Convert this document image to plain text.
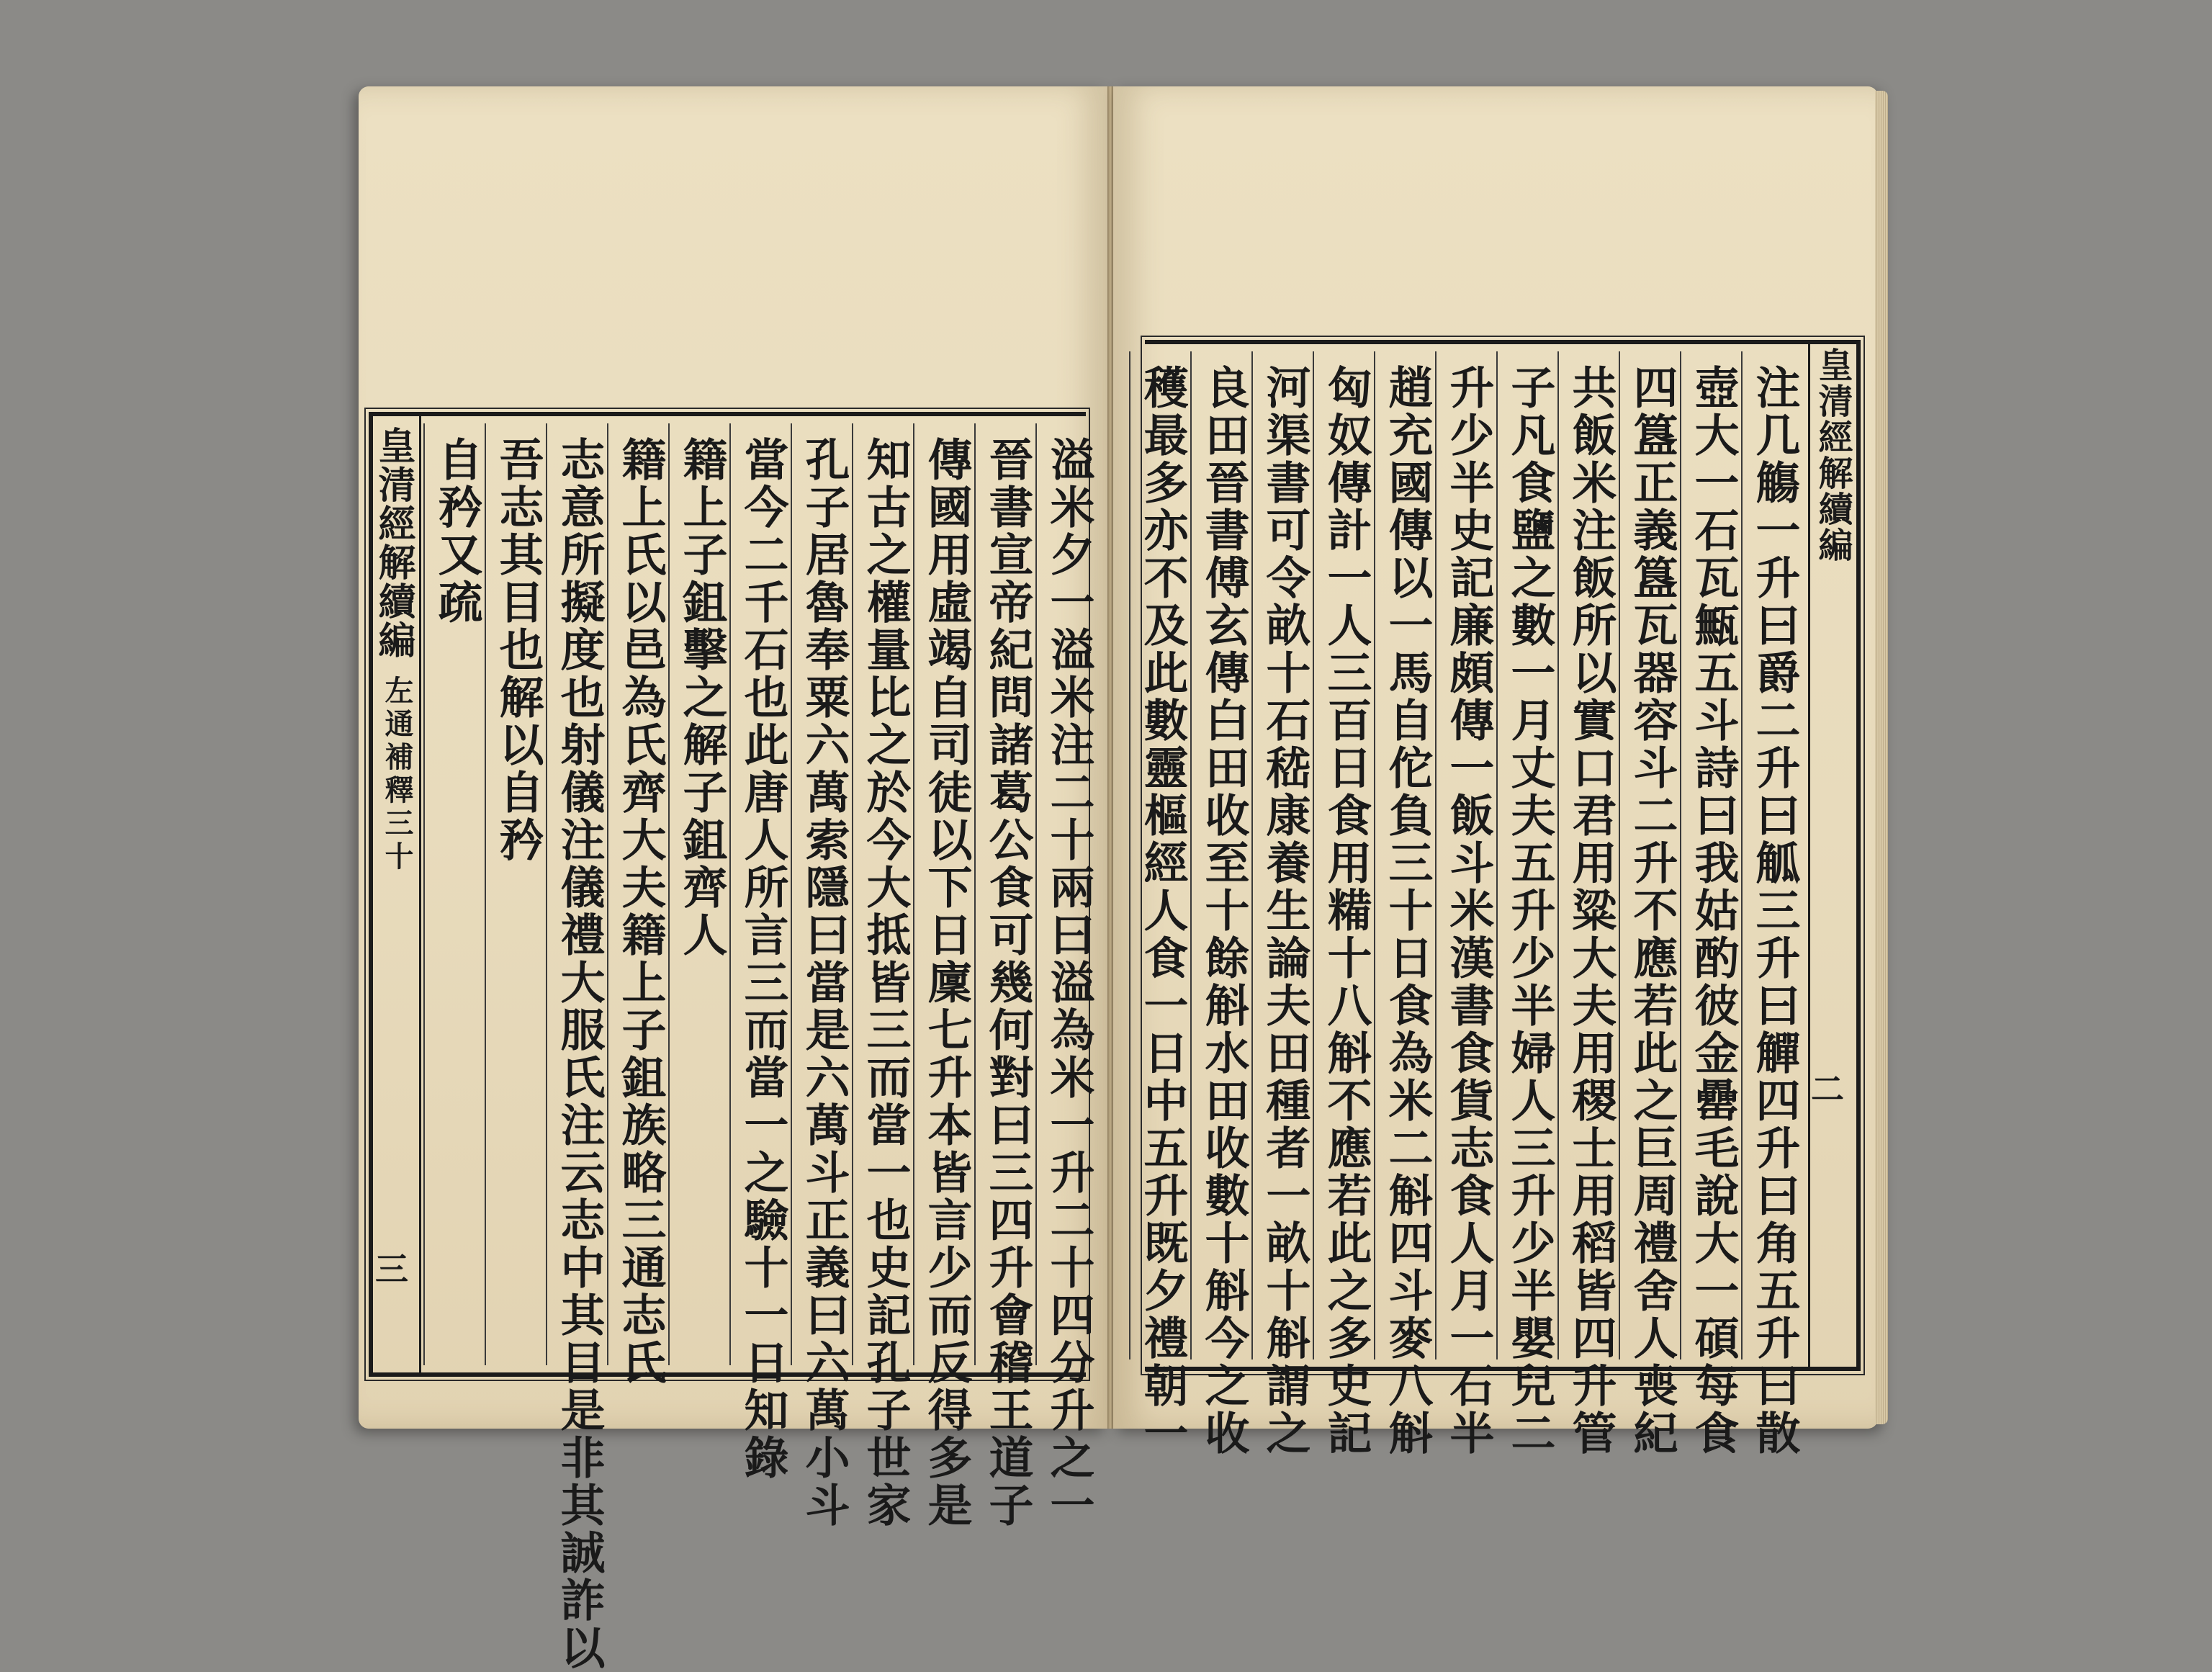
皇清經解續編
左通補釋三十
三
自矜又疏 吾志其目也解以自矜 志意所擬度也射儀注儀禮大服氏注云志中其目是非其誠詐以 籍上氏以邑為氏齊大夫籍上子鉏族略三通志氏 籍上子鉏擊之解子鉏齊人 當今二千石也此唐人所言三而當一之驗十一日知錄 孔子居魯奉粟六萬索隱曰當是六萬斗正義曰六萬小斗 知古之權量比之於今大抵皆三而當一也史記孔子世家 傳國用虛竭自司徒以下日廩七升本皆言少而反得多是 晉書宣帝紀問諸葛公食可幾何對曰三四升會稽王道子 溢米夕一溢米注二十兩曰溢為米一升二十四分升之一	皇清經解續編
二
注几觴一升曰爵二升曰觚三升曰觶四升曰角五升曰散
壺大一石瓦甒五斗詩曰我姑酌彼金罍毛說大一碩每食
四簋正義簋瓦器容斗二升不應若此之巨周禮舍人喪紀
共飯米注飯所以實口君用粱大夫用稷士用稻皆四升管
子凡食鹽之數一月丈夫五升少半婦人三升少半嬰兒二
升少半史記廉頗傳一飯斗米漢書食貨志食人月一石半
趙充國傳以一馬自佗負三十日食為米二斛四斗麥八斛
匈奴傳計一人三百日食用糒十八斛不應若此之多史記
河渠書可令畝十石嵇康養生論夫田種者一畝十斛謂之
良田晉書傅玄傳白田收至十餘斛水田收數十斛今之收
穫最多亦不及此數靈樞經人食一日中五升既夕禮朝一
